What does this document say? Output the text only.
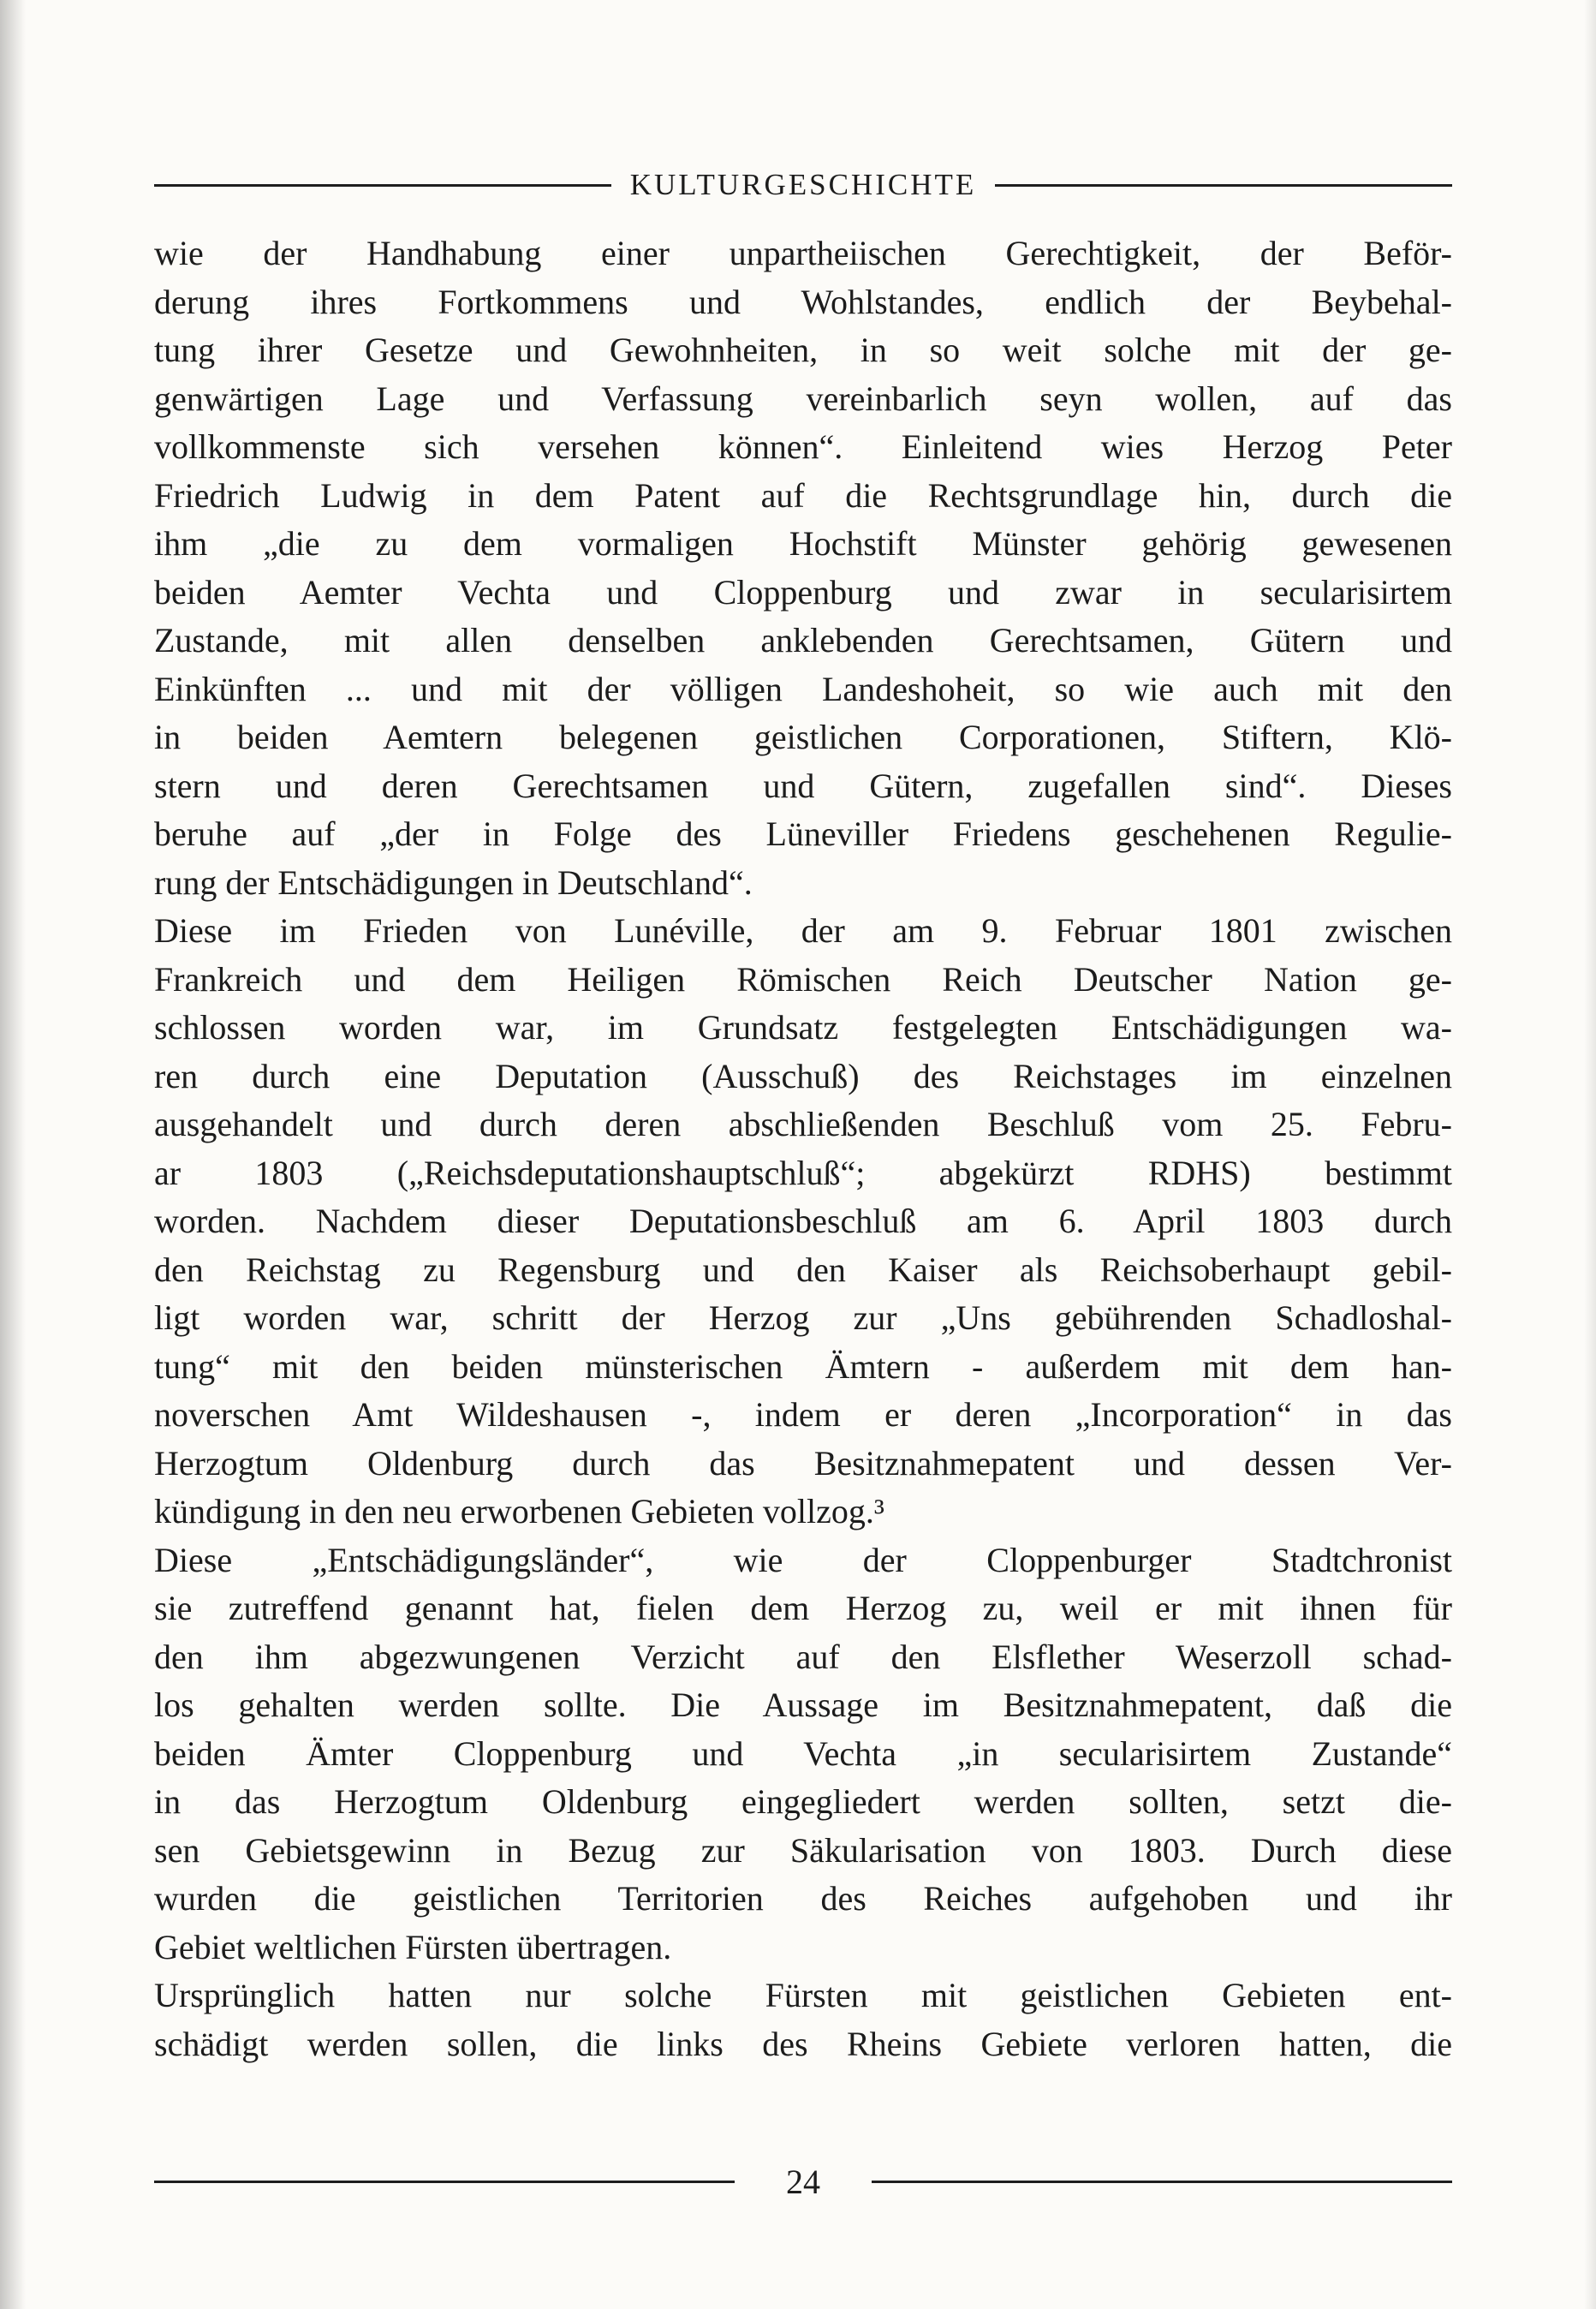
KULTURGESCHICHTE
wie der Handhabung einer unpartheiischen Gerechtigkeit, der Beför-
derung ihres Fortkommens und Wohlstandes, endlich der Beybehal-
tung ihrer Gesetze und Gewohnheiten, in so weit solche mit der ge-
genwärtigen Lage und Verfassung vereinbarlich seyn wollen, auf das
vollkommenste sich versehen können“. Einleitend wies Herzog Peter
Friedrich Ludwig in dem Patent auf die Rechtsgrundlage hin, durch die
ihm „die zu dem vormaligen Hochstift Münster gehörig gewesenen
beiden Aemter Vechta und Cloppenburg und zwar in secularisirtem
Zustande, mit allen denselben anklebenden Gerechtsamen, Gütern und
Einkünften ... und mit der völligen Landeshoheit, so wie auch mit den
in beiden Aemtern belegenen geistlichen Corporationen, Stiftern, Klö-
stern und deren Gerechtsamen und Gütern, zugefallen sind“. Dieses
beruhe auf „der in Folge des Lüneviller Friedens geschehenen Regulie-
rung der Entschädigungen in Deutschland“.
Diese im Frieden von Lunéville, der am 9. Februar 1801 zwischen
Frankreich und dem Heiligen Römischen Reich Deutscher Nation ge-
schlossen worden war, im Grundsatz festgelegten Entschädigungen wa-
ren durch eine Deputation (Ausschuß) des Reichstages im einzelnen
ausgehandelt und durch deren abschließenden Beschluß vom 25. Febru-
ar 1803 („Reichsdeputationshauptschluß“; abgekürzt RDHS) bestimmt
worden. Nachdem dieser Deputationsbeschluß am 6. April 1803 durch
den Reichstag zu Regensburg und den Kaiser als Reichsoberhaupt gebil-
ligt worden war, schritt der Herzog zur „Uns gebührenden Schadloshal-
tung“ mit den beiden münsterischen Ämtern - außerdem mit dem han-
noverschen Amt Wildeshausen -, indem er deren „Incorporation“ in das
Herzogtum Oldenburg durch das Besitznahmepatent und dessen Ver-
kündigung in den neu erworbenen Gebieten vollzog.³
Diese „Entschädigungsländer“, wie der Cloppenburger Stadtchronist
sie zutreffend genannt hat, fielen dem Herzog zu, weil er mit ihnen für
den ihm abgezwungenen Verzicht auf den Elsflether Weserzoll schad-
los gehalten werden sollte. Die Aussage im Besitznahmepatent, daß die
beiden Ämter Cloppenburg und Vechta „in secularisirtem Zustande“
in das Herzogtum Oldenburg eingegliedert werden sollten, setzt die-
sen Gebietsgewinn in Bezug zur Säkularisation von 1803. Durch diese
wurden die geistlichen Territorien des Reiches aufgehoben und ihr
Gebiet weltlichen Fürsten übertragen.
Ursprünglich hatten nur solche Fürsten mit geistlichen Gebieten ent-
schädigt werden sollen, die links des Rheins Gebiete verloren hatten, die
24
